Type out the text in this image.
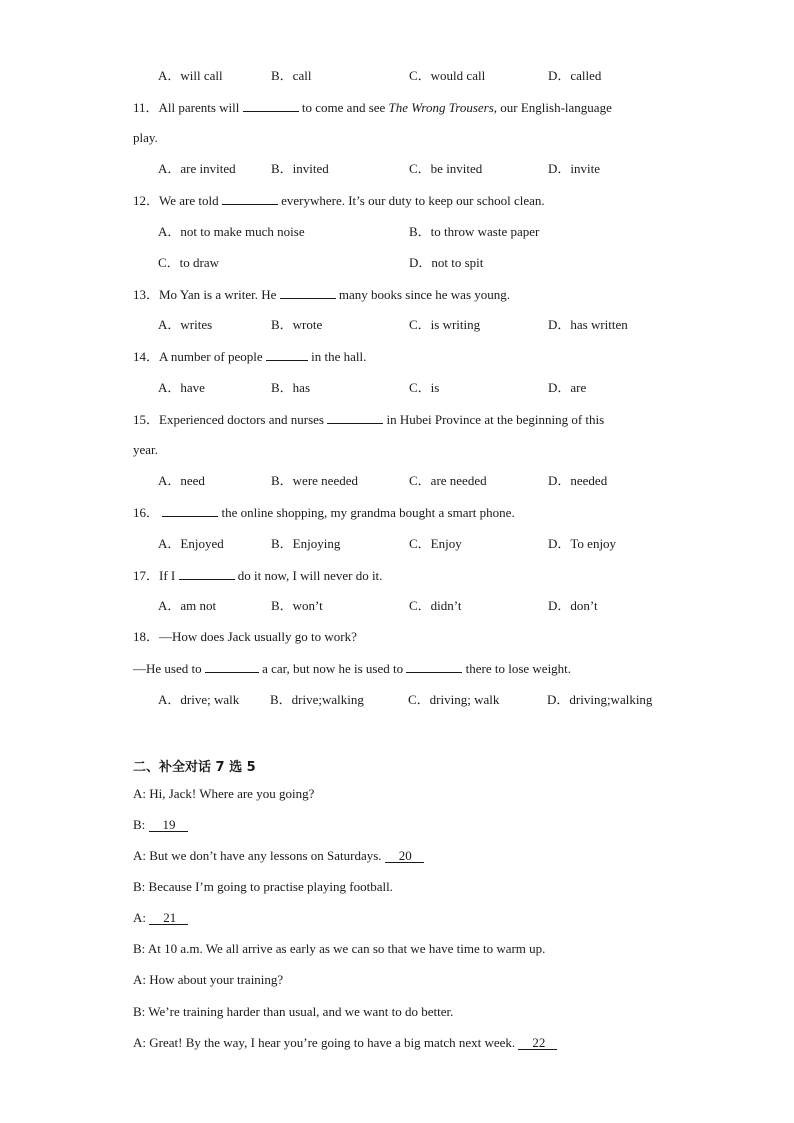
A．will call	B．call	C．would call	D．called
11．All parents will	to come and see The Wrong Trousers, our English-language
play.
A．are invited	B．invited	C．be invited	D．invite
12．We are told	everywhere. It’s our duty to keep our school clean.
A．not to make much noise	B．to throw waste paper
C．to draw	D．not to spit
13．Mo Yan is a writer. He	many books since he was young.
A．writes	B．wrote	C．is writing	D．has written
14．A number of people	in the hall.
A．have	B．has	C．is	D．are
15．Experienced doctors and nurses	in Hubei Province at the beginning of this
year.
A．need	B．were needed	C．are needed	D．needed
16．	the online shopping, my grandma bought a smart phone.
A．Enjoyed	B．Enjoying	C．Enjoy	D．To enjoy
17．If I	do it now, I will never do it.
A．am not	B．won’t	C．didn’t	D．don’t
18．—How does Jack usually go to work?
—He used to	a car, but now he is used to	there to lose weight.
A．drive; walk B．drive;walking	C．driving; walk	D．driving;walking
二、补全对话 7 选 5
A: Hi, Jack! Where are you going?
B: 19
A: But we don’t have any lessons on Saturdays. 20
B: Because I’m going to practise playing football.
A: 21
B: At 10 a.m. We all arrive as early as we can so that we have time to warm up.
A: How about your training?
B: We’re training harder than usual, and we want to do better.
A: Great! By the way, I hear you’re going to have a big match next week. 22
